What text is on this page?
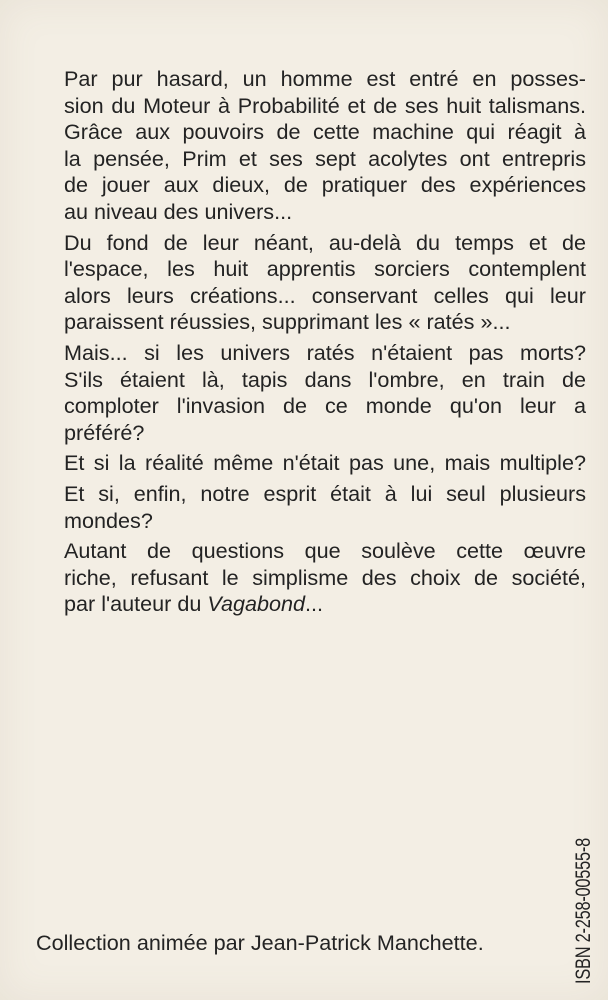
Par pur hasard, un homme est entré en posses-
sion du Moteur à Probabilité et de ses huit talismans.
Grâce aux pouvoirs de cette machine qui réagit à
la pensée, Prim et ses sept acolytes ont entrepris
de jouer aux dieux, de pratiquer des expériences
au niveau des univers...

Du fond de leur néant, au-delà du temps et de
l'espace, les huit apprentis sorciers contemplent
alors leurs créations... conservant celles qui leur
paraissent réussies, supprimant les « ratés »...

Mais... si les univers ratés n'étaient pas morts?
S'ils étaient là, tapis dans l'ombre, en train de
comploter l'invasion de ce monde qu'on leur a
préféré?

Et si la réalité même n'était pas une, mais multiple?

Et si, enfin, notre esprit était à lui seul plusieurs
mondes?

Autant de questions que soulève cette œuvre
riche, refusant le simplisme des choix de société,
par l'auteur du Vagabond...

Collection animée par Jean-Patrick Manchette.	ISBN 2-258-00555-8
